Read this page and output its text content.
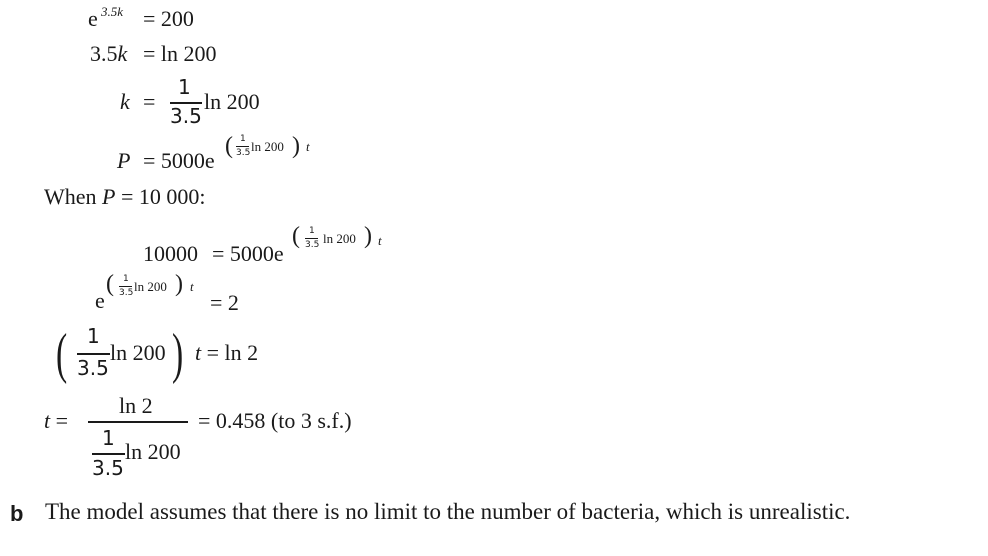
e 3.5k = 200
3.5k = ln 200
k =
1
3.5
ln 200
P = 5000e
( 1
3.5 ln 200 ) t
When P = 10 000:
10000 = 5000e
( 1
3.5 ln 200 ) t
e
( 1
3.5 ln 200 ) t
= 2
( 1
3.5
ln 200 ) t = ln 2
t =
ln 2
1
3.5
ln 200
= 0.458 (to 3 s.f.)
b The model assumes that there is no limit to the number of bacteria, which is unrealistic.
